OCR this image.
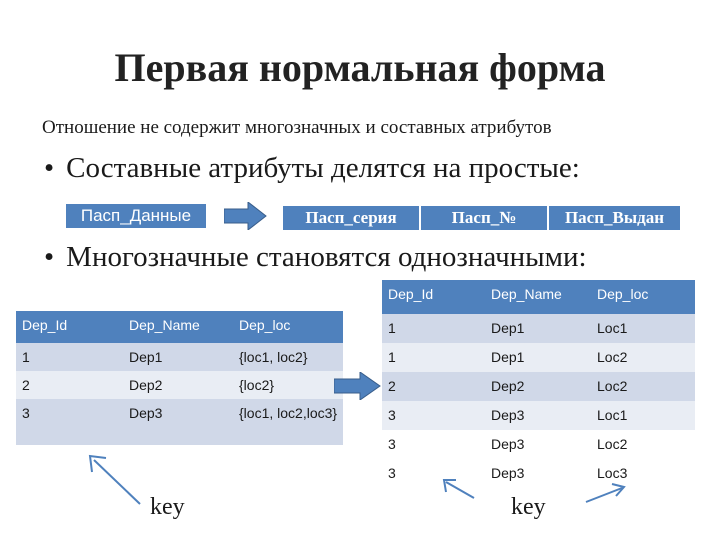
Первая нормальная форма
Отношение не содержит многозначных и составных атрибутов
• Составные атрибуты делятся на простые:
Пасп_Данные	Пасп_серия	Пасп_№	Пасп_Выдан
• Многозначные становятся однозначными:
Dep_Id	Dep_Name	Dep_loc
1	Dep1	{loc1, loc2}
2	Dep2	{loc2}
3	Dep3	{loc1, loc2,loc3}
Dep_Id	Dep_Name	Dep_loc
1	Dep1	Loc1
1	Dep1	Loc2
2	Dep2	Loc2
3	Dep3	Loc1
3	Dep3	Loc2
3	Dep3	Loc3
key	key
